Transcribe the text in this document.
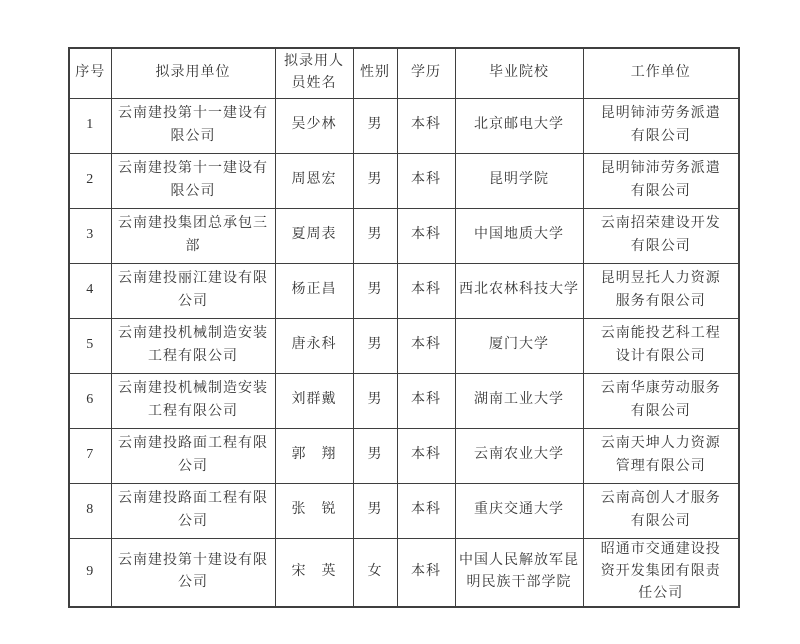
序号	拟录用单位	拟录用人员姓名	性别	学历	毕业院校	工作单位
1	云南建投第十一建设有限公司	吴少林	男	本科	北京邮电大学	昆明铈沛劳务派遣有限公司
2	云南建投第十一建设有限公司	周恩宏	男	本科	昆明学院	昆明铈沛劳务派遣有限公司
3	云南建投集团总承包三部	夏周表	男	本科	中国地质大学	云南招荣建设开发有限公司
4	云南建投丽江建设有限公司	杨正昌	男	本科	西北农林科技大学	昆明昱托人力资源服务有限公司
5	云南建投机械制造安装工程有限公司	唐永科	男	本科	厦门大学	云南能投艺科工程设计有限公司
6	云南建投机械制造安装工程有限公司	刘群戴	男	本科	湖南工业大学	云南华康劳动服务有限公司
7	云南建投路面工程有限公司	郭　翔	男	本科	云南农业大学	云南天坤人力资源管理有限公司
8	云南建投路面工程有限公司	张　锐	男	本科	重庆交通大学	云南高创人才服务有限公司
9	云南建投第十建设有限公司	宋　英	女	本科	中国人民解放军昆明民族干部学院	昭通市交通建设投资开发集团有限责任公司
